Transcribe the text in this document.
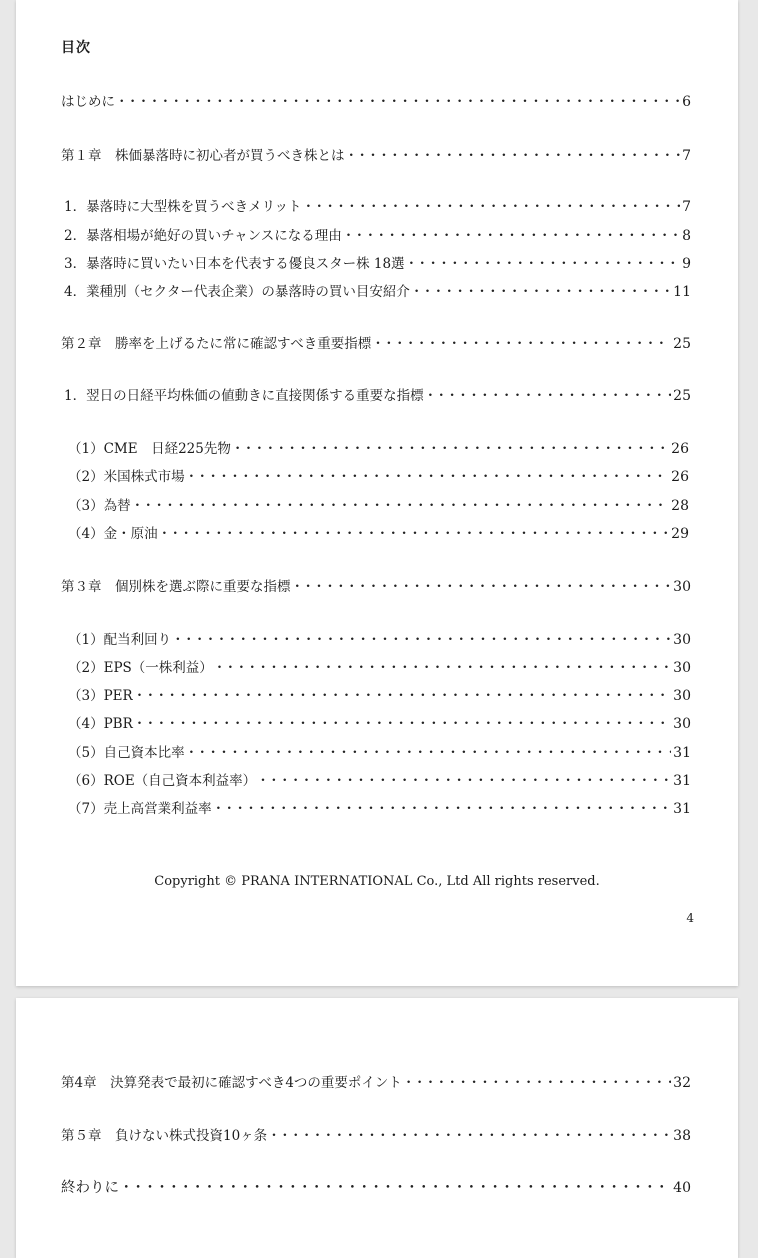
目次
はじめに ・・・・・・・・・・・・・・・・・・・・・・・・・・・・・・・・・・・・・・・・・・・・・・・・・・・・・・・・・・・	6
第１章　株価暴落時に初心者が買うべき株とは ・・・・・・・・・・・・・・・・・・・・・・・・・・・・・・・・・・・・・・・・・・・・・・・・・・・・・・・・・・・	7
1．暴落時に大型株を買うべきメリット ・・・・・・・・・・・・・・・・・・・・・・・・・・・・・・・・・・・・・・・・・・・・・・・・・・・・・・・・・・・	7
2．暴落相場が絶好の買いチャンスになる理由 ・・・・・・・・・・・・・・・・・・・・・・・・・・・・・・・・・・・・・・・・・・・・・・・・・・・・・・・・・・・	8
3．暴落時に買いたい日本を代表する優良スター株 18選 ・・・・・・・・・・・・・・・・・・・・・・・・・・・・・・・・・・・・・・・・・・・・・・・・・・・・・・・・・・・	9
4．業種別（セクター代表企業）の暴落時の買い目安紹介 ・・・・・・・・・・・・・・・・・・・・・・・・・・・・・・・・・・・・・・・・・・・・・・・・・・・・・・・・・・・	11
第２章　勝率を上げるたに常に確認すべき重要指標 ・・・・・・・・・・・・・・・・・・・・・・・・・・・・・・・・・・・・・・・・・・・・・・・・・・・・・・・・・・・	25
1．翌日の日経平均株価の値動きに直接関係する重要な指標 ・・・・・・・・・・・・・・・・・・・・・・・・・・・・・・・・・・・・・・・・・・・・・・・・・・・・・・・・・・・	25
（1）CME　日経225先物 ・・・・・・・・・・・・・・・・・・・・・・・・・・・・・・・・・・・・・・・・・・・・・・・・・・・・・・・・・・・	26
（2）米国株式市場 ・・・・・・・・・・・・・・・・・・・・・・・・・・・・・・・・・・・・・・・・・・・・・・・・・・・・・・・・・・・	26
（3）為替 ・・・・・・・・・・・・・・・・・・・・・・・・・・・・・・・・・・・・・・・・・・・・・・・・・・・・・・・・・・・	28
（4）金・原油 ・・・・・・・・・・・・・・・・・・・・・・・・・・・・・・・・・・・・・・・・・・・・・・・・・・・・・・・・・・・	29
第３章　個別株を選ぶ際に重要な指標 ・・・・・・・・・・・・・・・・・・・・・・・・・・・・・・・・・・・・・・・・・・・・・・・・・・・・・・・・・・・	30
（1）配当利回り ・・・・・・・・・・・・・・・・・・・・・・・・・・・・・・・・・・・・・・・・・・・・・・・・・・・・・・・・・・・	30
（2）EPS（一株利益） ・・・・・・・・・・・・・・・・・・・・・・・・・・・・・・・・・・・・・・・・・・・・・・・・・・・・・・・・・・・	30
（3）PER ・・・・・・・・・・・・・・・・・・・・・・・・・・・・・・・・・・・・・・・・・・・・・・・・・・・・・・・・・・・	30
（4）PBR ・・・・・・・・・・・・・・・・・・・・・・・・・・・・・・・・・・・・・・・・・・・・・・・・・・・・・・・・・・・	30
（5）自己資本比率 ・・・・・・・・・・・・・・・・・・・・・・・・・・・・・・・・・・・・・・・・・・・・・・・・・・・・・・・・・・・	31
（6）ROE（自己資本利益率） ・・・・・・・・・・・・・・・・・・・・・・・・・・・・・・・・・・・・・・・・・・・・・・・・・・・・・・・・・・・	31
（7）売上高営業利益率 ・・・・・・・・・・・・・・・・・・・・・・・・・・・・・・・・・・・・・・・・・・・・・・・・・・・・・・・・・・・	31
Copyright © PRANA INTERNATIONAL Co., Ltd All rights reserved.
4
第4章　決算発表で最初に確認すべき4つの重要ポイント ・・・・・・・・・・・・・・・・・・・・・・・・・・・・・・・・・・・・・・・・・・・・・・・・・・・・・・・・・・・	32
第５章　負けない株式投資10ヶ条 ・・・・・・・・・・・・・・・・・・・・・・・・・・・・・・・・・・・・・・・・・・・・・・・・・・・・・・・・・・・	38
終わりに ・・・・・・・・・・・・・・・・・・・・・・・・・・・・・・・・・・・・・・・・・・・・・・・・・・・・・・・・・・・	40
